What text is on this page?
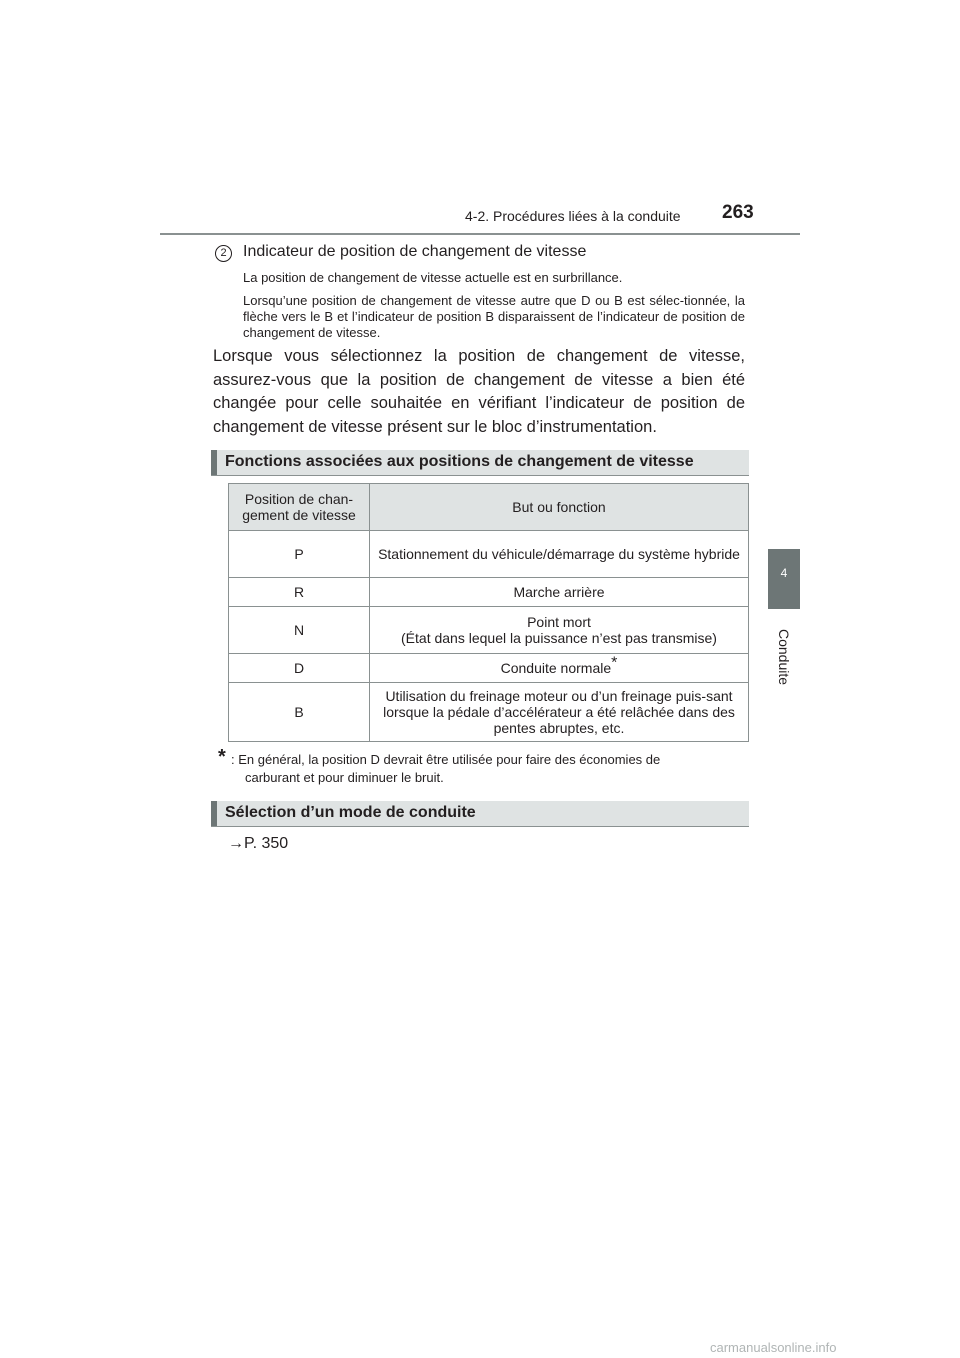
4-2. Procédures liées à la conduite 263
4
Conduite
2	Indicateur de position de changement de vitesse
La position de changement de vitesse actuelle est en surbrillance.
Lorsqu’une position de changement de vitesse autre que D ou B est sélec-tionnée, la flèche vers le B et l’indicateur de position B disparaissent de l’indicateur de position de changement de vitesse.
Lorsque vous sélectionnez la position de changement de vitesse, assurez-vous que la position de changement de vitesse a bien été changée pour celle souhaitée en vérifiant l’indicateur de position de changement de vitesse présent sur le bloc d’instrumentation.
Fonctions associées aux positions de changement de vitesse
Position de chan-gement de vitesse	But ou fonction
P	Stationnement du véhicule/démarrage du système hybride
R	Marche arrière
N	Point mort
(État dans lequel la puissance n’est pas transmise)
D	Conduite normale*
B	Utilisation du freinage moteur ou d’un freinage puis-sant lorsque la pédale d’accélérateur a été relâchée dans des pentes abruptes, etc.
* : En général, la position D devrait être utilisée pour faire des économies de
carburant et pour diminuer le bruit.
Sélection d’un mode de conduite
→P. 350
carmanualsonline.info
